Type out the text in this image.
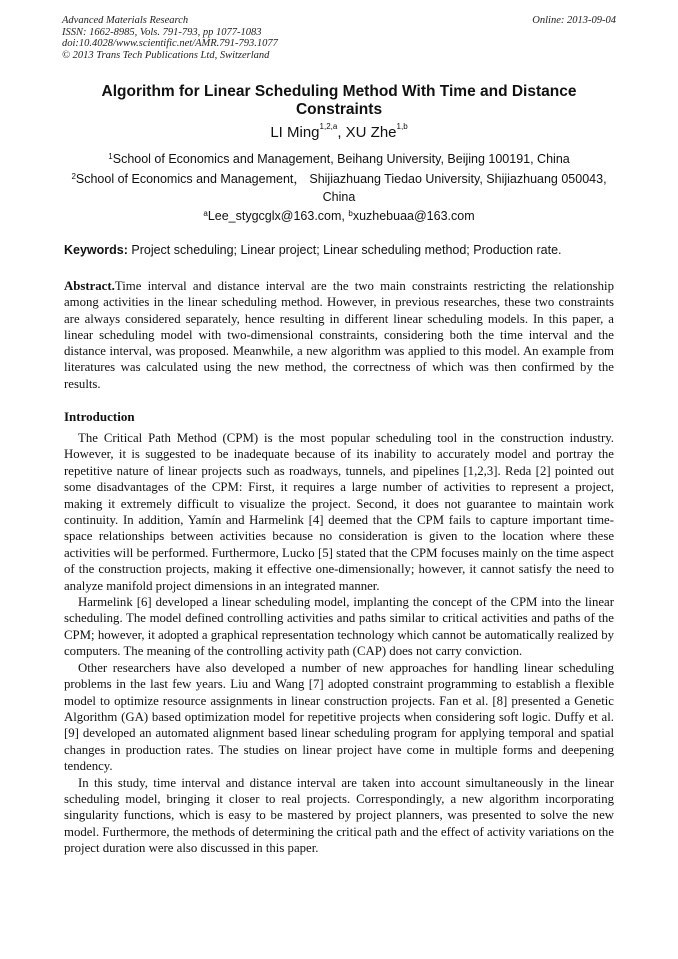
Advanced Materials Research
ISSN: 1662-8985, Vols. 791-793, pp 1077-1083
doi:10.4028/www.scientific.net/AMR.791-793.1077
© 2013 Trans Tech Publications Ltd, Switzerland
Online: 2013-09-04
Algorithm for Linear Scheduling Method With Time and Distance Constraints
LI Ming$^{1,2,a}$, XU Zhe$^{1,b}$
$^1$School of Economics and Management, Beihang University, Beijing 100191, China
$^2$School of Economics and Management， Shijiazhuang Tiedao University, Shijiazhuang 050043, China
$^a$Lee_stygcglx@163.com, $^b$xuzhebuaa@163.com
Keywords: Project scheduling; Linear project; Linear scheduling method; Production rate.
Abstract.Time interval and distance interval are the two main constraints restricting the relationship among activities in the linear scheduling method. However, in previous researches, these two constraints are always considered separately, hence resulting in different linear scheduling models. In this paper, a linear scheduling model with two-dimensional constraints, considering both the time interval and the distance interval, was proposed. Meanwhile, a new algorithm was applied to this model. An example from literatures was calculated using the new method, the correctness of which was then confirmed by the results.
Introduction

The Critical Path Method (CPM) is the most popular scheduling tool in the construction industry. However, it is suggested to be inadequate because of its inability to accurately model and portray the repetitive nature of linear projects such as roadways, tunnels, and pipelines [1,2,3]. Reda [2] pointed out some disadvantages of the CPM: First, it requires a large number of activities to represent a project, making it extremely difficult to visualize the project. Second, it does not guarantee to maintain work continuity. In addition, Yamín and Harmelink [4] deemed that the CPM fails to capture important time-space relationships between activities because no consideration is given to the location where these activities will be performed. Furthermore, Lucko [5] stated that the CPM focuses mainly on the time aspect of the construction projects, making it effective one-dimensionally; however, it cannot satisfy the need to analyze manifold project dimensions in an integrated manner.

Harmelink [6] developed a linear scheduling model, implanting the concept of the CPM into the linear scheduling. The model defined controlling activities and paths similar to critical activities and paths of the CPM; however, it adopted a graphical representation technology which cannot be automatically realized by computers. The meaning of the controlling activity path (CAP) does not carry conviction.

Other researchers have also developed a number of new approaches for handling linear scheduling problems in the last few years. Liu and Wang [7] adopted constraint programming to establish a flexible model to optimize resource assignments in linear construction projects. Fan et al. [8] presented a Genetic Algorithm (GA) based optimization model for repetitive projects when considering soft logic. Duffy et al.[9] developed an automated alignment based linear scheduling program for applying temporal and spatial changes in production rates. The studies on linear project have come in multiple forms and deepening tendency.

In this study, time interval and distance interval are taken into account simultaneously in the linear scheduling model, bringing it closer to real projects. Correspondingly, a new algorithm incorporating singularity functions, which is easy to be mastered by project planners, was presented to solve the new model. Furthermore, the methods of determining the critical path and the effect of activity variations on the project duration were also discussed in this paper.
